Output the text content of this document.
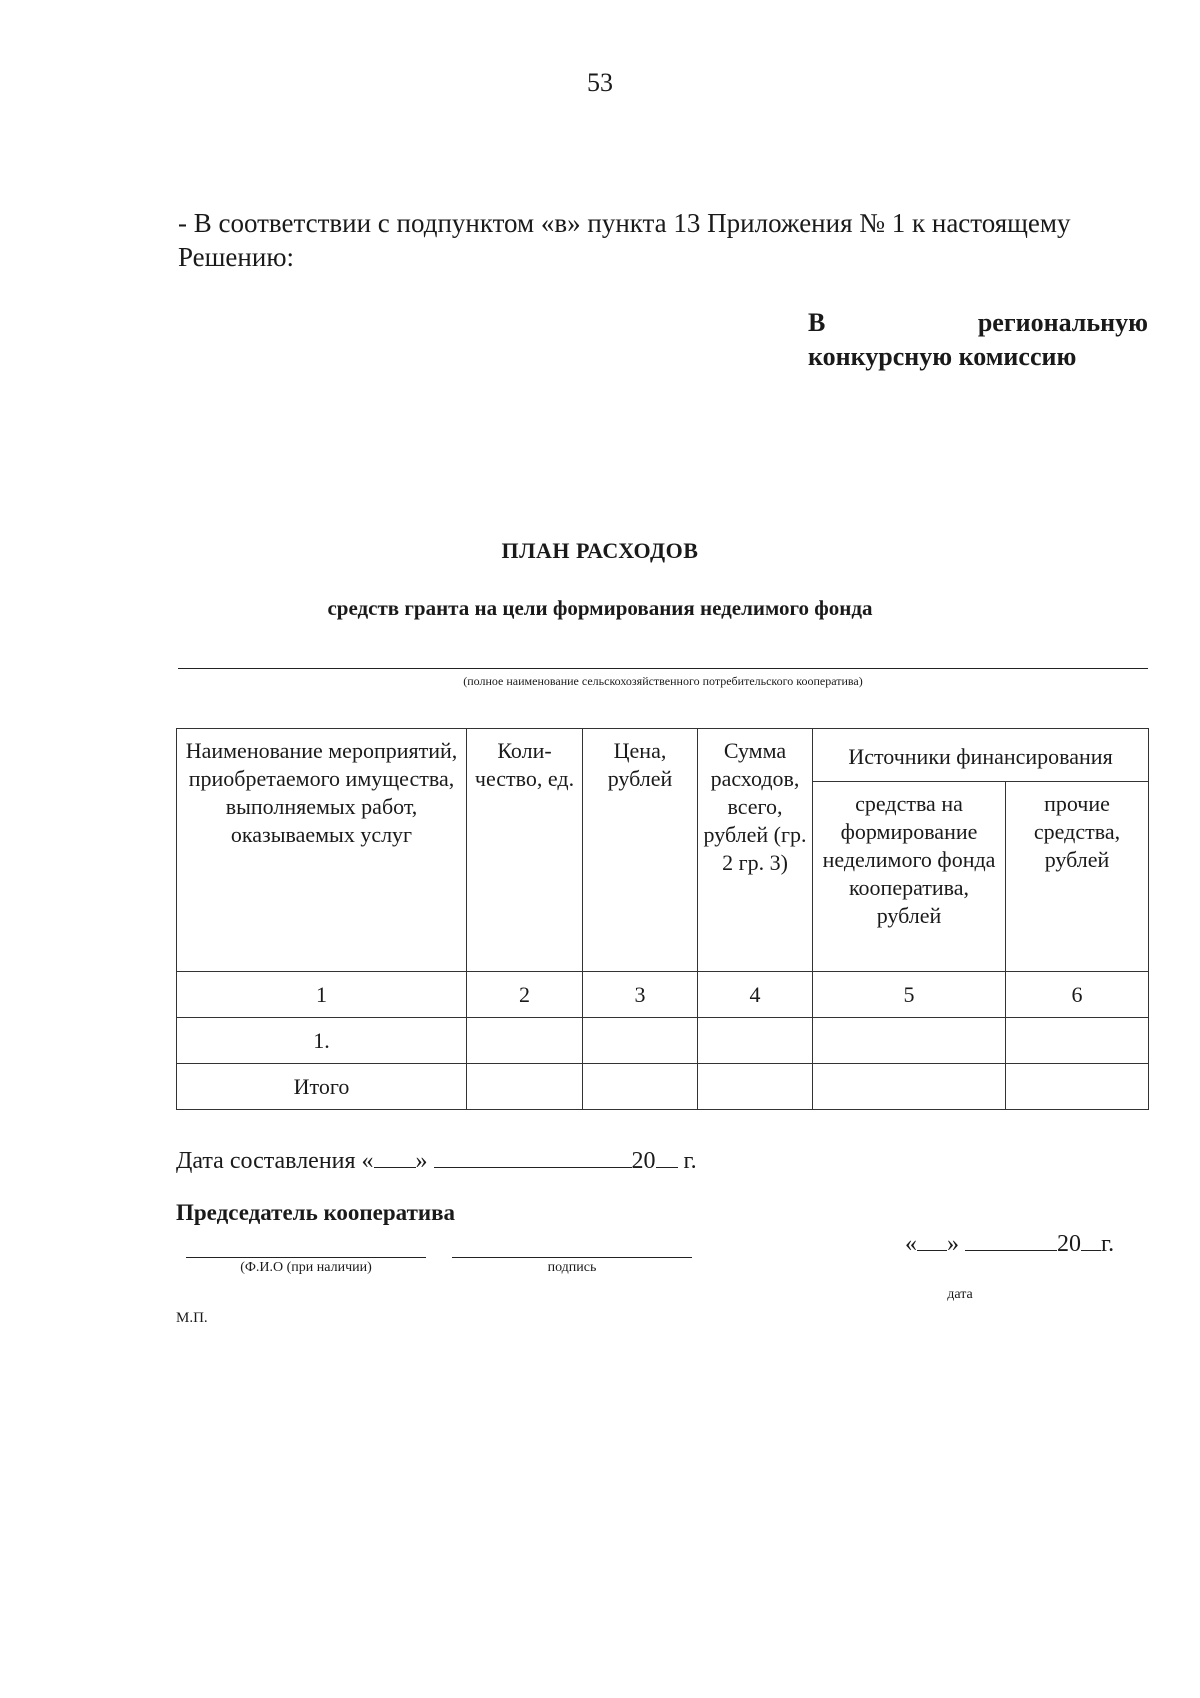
53
- В соответствии с подпунктом «в» пункта 13 Приложения № 1 к настоящему Решению:
В	региональную
конкурсную комиссию
ПЛАН РАСХОДОВ
средств гранта на цели формирования неделимого фонда
(полное наименование сельскохозяйственного потребительского кооператива)
Наименование мероприятий, приобретаемого имущества, выполняемых работ, оказываемых услуг	Коли-чество, ед.	Цена, рублей	Сумма расходов, всего, рублей (гр. 2 гр. 3)	Источники финансирования	
				средства на формирование неделимого фонда кооператива, рублей	прочие средства, рублей
1	2	3	4	5	6
1.					
Итого					
Дата составления « »	20 г.
Председатель кооператива
(Ф.И.О (при наличии)	подпись
« »	20 г.
дата
М.П.
